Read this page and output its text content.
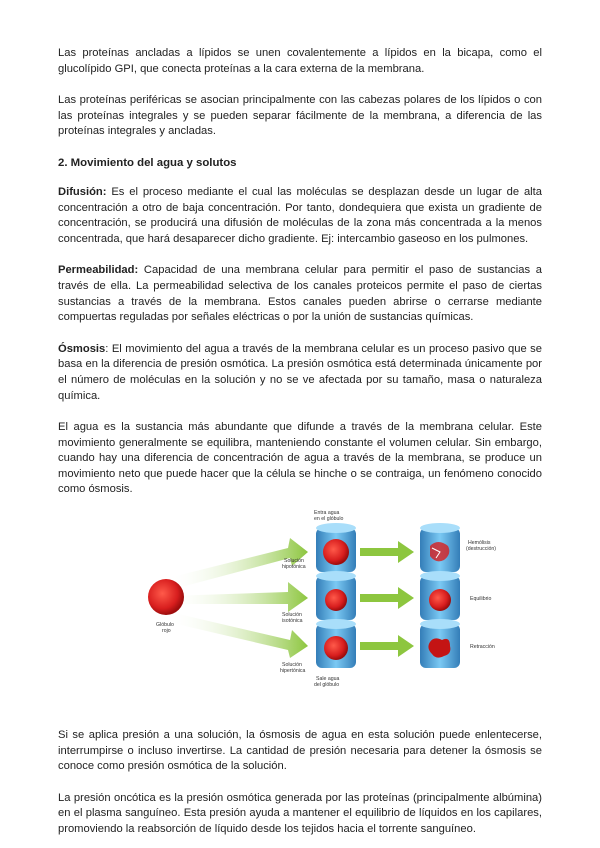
Las proteínas ancladas a lípidos se unen covalentemente a lípidos en la bicapa, como el glucolípido GPI, que conecta proteínas a la cara externa de la membrana.

Las proteínas periféricas se asocian principalmente con las cabezas polares de los lípidos o con las proteínas integrales y se pueden separar fácilmente de la membrana, a diferencia de las proteínas integrales y ancladas.

2. Movimiento del agua y solutos

Difusión: Es el proceso mediante el cual las moléculas se desplazan desde un lugar de alta concentración a otro de baja concentración. Por tanto, dondequiera que exista un gradiente de concentración, se producirá una difusión de moléculas de la zona más concentrada a la menos concentrada, que hará desaparecer dicho gradiente. Ej: intercambio gaseoso en los pulmones.

Permeabilidad: Capacidad de una membrana celular para permitir el paso de sustancias a través de ella. La permeabilidad selectiva de los canales proteicos permite el paso de ciertas sustancias a través de la membrana. Estos canales pueden abrirse o cerrarse mediante compuertas reguladas por señales eléctricas o por la unión de sustancias químicas.

Ósmosis: El movimiento del agua a través de la membrana celular es un proceso pasivo que se basa en la diferencia de presión osmótica. La presión osmótica está determinada únicamente por el número de moléculas en la solución y no se ve afectada por su tamaño, masa o naturaleza química.

El agua es la sustancia más abundante que difunde a través de la membrana celular. Este movimiento generalmente se equilibra, manteniendo constante el volumen celular. Sin embargo, cuando hay una diferencia de concentración de agua a través de la membrana, se produce un movimiento neto que puede hacer que la célula se hinche o se contraiga, un fenómeno conocido como ósmosis.

Entra agua
en el glóbulo
Solución
hipotónica
Solución
isotónica
Solución
hipertónica
Sale agua
del glóbulo
Glóbulo
rojo
Hemólisis
(destrucción)
Equilibrio
Retracción

Si se aplica presión a una solución, la ósmosis de agua en esta solución puede enlentecerse, interrumpirse o incluso invertirse. La cantidad de presión necesaria para detener la ósmosis se conoce como presión osmótica de la solución.

La presión oncótica es la presión osmótica generada por las proteínas (principalmente albúmina) en el plasma sanguíneo. Esta presión ayuda a mantener el equilibrio de líquidos en los capilares, promoviendo la reabsorción de líquido desde los tejidos hacia el torrente sanguíneo.
